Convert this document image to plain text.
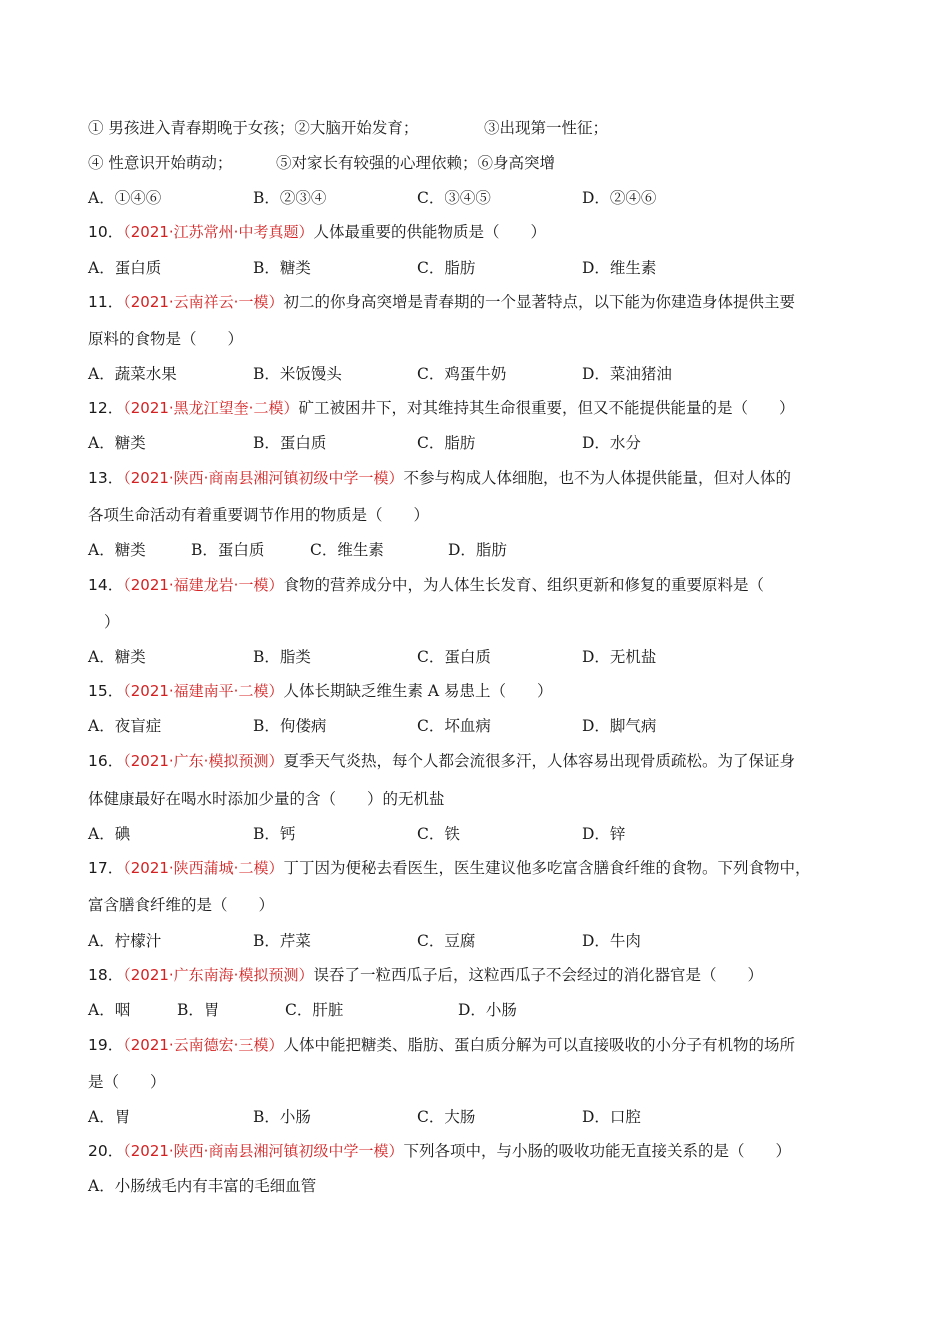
① 男孩进入青春期晚于女孩；②大脑开始发育；	③出现第一性征；
④ 性意识开始萌动；	⑤对家长有较强的心理依赖；⑥身高突增
A．①④⑥	B．②③④	C．③④⑤	D．②④⑥
10．（2021·江苏常州·中考真题）人体最重要的供能物质是（　　）
A．蛋白质	B．糖类	C．脂肪	D．维生素
11．（2021·云南祥云·一模）初二的你身高突增是青春期的一个显著特点，以下能为你建造身体提供主要
原料的食物是（　　）
A．蔬菜水果	B．米饭馒头	C．鸡蛋牛奶	D．菜油猪油
12．（2021·黑龙江望奎·二模）矿工被困井下，对其维持其生命很重要，但又不能提供能量的是（　　）
A．糖类	B．蛋白质	C．脂肪	D．水分
13．（2021·陕西·商南县湘河镇初级中学一模）不参与构成人体细胞，也不为人体提供能量，但对人体的
各项生命活动有着重要调节作用的物质是（　　）
A．糖类	B．蛋白质	C．维生素	D．脂肪
14．（2021·福建龙岩·一模）食物的营养成分中，为人体生长发育、组织更新和修复的重要原料是（
）
A．糖类	B．脂类	C．蛋白质	D．无机盐
15．（2021·福建南平·二模）人体长期缺乏维生素 A 易患上（　　）
A．夜盲症	B．佝偻病	C．坏血病	D．脚气病
16．（2021·广东·模拟预测）夏季天气炎热，每个人都会流很多汗，人体容易出现骨质疏松。为了保证身
体健康最好在喝水时添加少量的含（　　）的无机盐
A．碘	B．钙	C．铁	D．锌
17．（2021·陕西蒲城·二模）丁丁因为便秘去看医生，医生建议他多吃富含膳食纤维的食物。下列食物中，
富含膳食纤维的是（　　）
A．柠檬汁	B．芹菜	C．豆腐	D．牛肉
18．（2021·广东南海·模拟预测）误吞了一粒西瓜子后，这粒西瓜子不会经过的消化器官是（　　）
A．咽	B．胃	C．肝脏	D．小肠
19．（2021·云南德宏·三模）人体中能把糖类、脂肪、蛋白质分解为可以直接吸收的小分子有机物的场所
是（　　）
A．胃	B．小肠	C．大肠	D．口腔
20．（2021·陕西·商南县湘河镇初级中学一模）下列各项中，与小肠的吸收功能无直接关系的是（　　）
A．小肠绒毛内有丰富的毛细血管
